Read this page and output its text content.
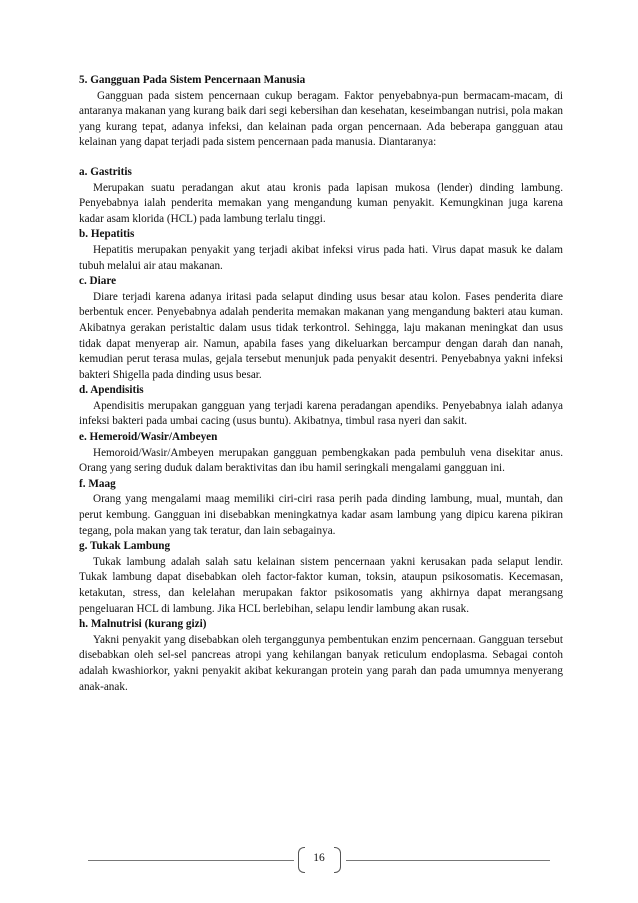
5. Gangguan Pada Sistem Pencernaan Manusia

Gangguan pada sistem pencernaan cukup beragam. Faktor penyebabnya-pun bermacam-macam, di antaranya makanan yang kurang baik dari segi kebersihan dan kesehatan, keseimbangan nutrisi, pola makan yang kurang tepat, adanya infeksi, dan kelainan pada organ pencernaan. Ada beberapa gangguan atau kelainan yang dapat terjadi pada sistem pencernaan pada manusia. Diantaranya:

a. Gastritis

Merupakan suatu peradangan akut atau kronis pada lapisan mukosa (lender) dinding lambung. Penyebabnya ialah penderita memakan yang mengandung kuman penyakit. Kemungkinan juga karena kadar asam klorida (HCL) pada lambung terlalu tinggi.

b. Hepatitis

Hepatitis merupakan penyakit yang terjadi akibat infeksi virus pada hati. Virus dapat masuk ke dalam tubuh melalui air atau makanan.

c. Diare

Diare terjadi karena adanya iritasi pada selaput dinding usus besar atau kolon. Fases penderita diare berbentuk encer. Penyebabnya adalah penderita memakan makanan yang mengandung bakteri atau kuman. Akibatnya gerakan peristaltic dalam usus tidak terkontrol. Sehingga, laju makanan meningkat dan usus tidak dapat menyerap air. Namun, apabila fases yang dikeluarkan bercampur dengan darah dan nanah, kemudian perut terasa mulas, gejala tersebut menunjuk pada penyakit desentri. Penyebabnya yakni infeksi bakteri Shigella pada dinding usus besar.

d. Apendisitis

Apendisitis merupakan gangguan yang terjadi karena peradangan apendiks. Penyebabnya ialah adanya infeksi bakteri pada umbai cacing (usus buntu). Akibatnya, timbul rasa nyeri dan sakit.

e. Hemeroid/Wasir/Ambeyen

Hemoroid/Wasir/Ambeyen merupakan gangguan pembengkakan pada pembuluh vena disekitar anus. Orang yang sering duduk dalam beraktivitas dan ibu hamil seringkali mengalami gangguan ini.

f. Maag

Orang yang mengalami maag memiliki ciri-ciri rasa perih pada dinding lambung, mual, muntah, dan perut kembung. Gangguan ini disebabkan meningkatnya kadar asam lambung yang dipicu karena pikiran tegang, pola makan yang tak teratur, dan lain sebagainya.

g. Tukak Lambung

Tukak lambung adalah salah satu kelainan sistem pencernaan yakni kerusakan pada selaput lendir. Tukak lambung dapat disebabkan oleh factor-faktor kuman, toksin, ataupun psikosomatis. Kecemasan, ketakutan, stress, dan kelelahan merupakan faktor psikosomatis yang akhirnya dapat merangsang pengeluaran HCL di lambung. Jika HCL berlebihan, selapu lendir lambung akan rusak.

h. Malnutrisi (kurang gizi)

Yakni penyakit yang disebabkan oleh terganggunya pembentukan enzim pencernaan. Gangguan tersebut disebabkan oleh sel-sel pancreas atropi yang kehilangan banyak reticulum endoplasma. Sebagai contoh adalah kwashiorkor, yakni penyakit akibat kekurangan protein yang parah dan pada umumnya menyerang anak-anak.

16
